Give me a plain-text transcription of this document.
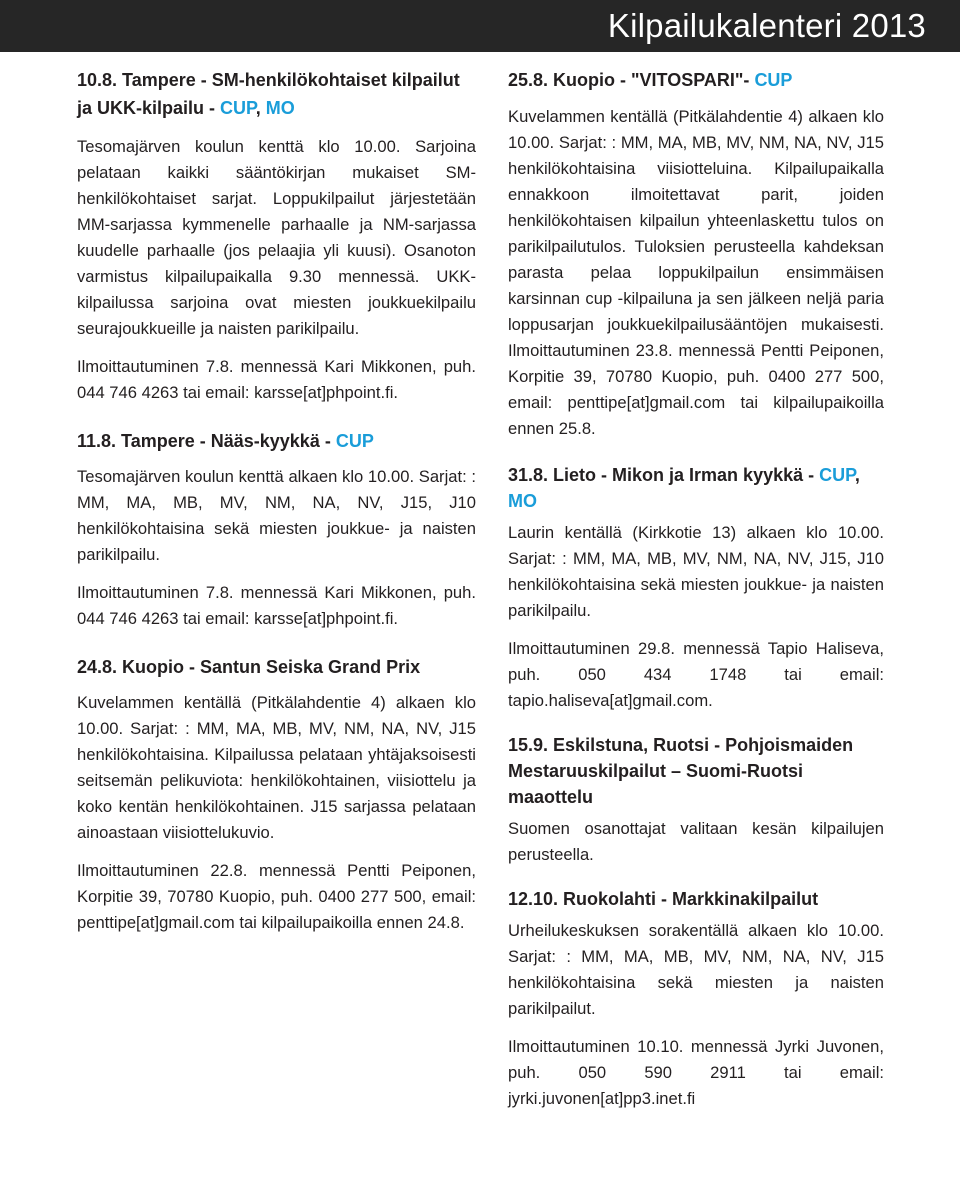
Kilpailukalenteri 2013
10.8. Tampere - SM-henkilökohtaiset kilpailut ja UKK-kilpailu - CUP, MO

Tesomajärven koulun kenttä klo 10.00. Sarjoina pelataan kaikki sääntökirjan mukaiset SM-henkilökohtaiset sarjat. Loppukilpailut järjestetään MM-sarjassa kymmenelle parhaalle ja NM-sarjassa kuudelle parhaalle (jos pelaajia yli kuusi). Osanoton varmistus kilpailupaikalla 9.30 mennessä. UKK-kilpailussa sarjoina ovat miesten joukkuekilpailu seurajoukkueille ja naisten parikilpailu.

Ilmoittautuminen 7.8. mennessä Kari Mikkonen, puh. 044 746 4263 tai email: karsse[at]phpoint.fi.

11.8. Tampere - Nääs-kyykkä - CUP

Tesomajärven koulun kenttä alkaen klo 10.00. Sarjat: : MM, MA, MB, MV, NM, NA, NV, J15, J10 henkilökohtaisina sekä miesten joukkue- ja naisten parikilpailu.

Ilmoittautuminen 7.8. mennessä Kari Mikkonen, puh. 044 746 4263 tai email: karsse[at]phpoint.fi.

24.8. Kuopio - Santun Seiska Grand Prix

Kuvelammen kentällä (Pitkälahdentie 4) alkaen klo 10.00. Sarjat: : MM, MA, MB, MV, NM, NA, NV, J15 henkilökohtaisina. Kilpailussa pelataan yhtäjaksoisesti seitsemän pelikuviota: henkilökohtainen, viisiottelu ja koko kentän henkilökohtainen. J15 sarjassa pelataan ainoastaan viisiottelukuvio.

Ilmoittautuminen 22.8. mennessä Pentti Peiponen, Korpitie 39, 70780 Kuopio, puh. 0400 277 500, email: penttipe[at]gmail.com tai kilpailupaikoilla ennen 24.8.

25.8. Kuopio - "VITOSPARI"- CUP

Kuvelammen kentällä (Pitkälahdentie 4) alkaen klo 10.00. Sarjat: : MM, MA, MB, MV, NM, NA, NV, J15 henkilökohtaisina viisiotteluina. Kilpailupaikalla ennakkoon ilmoitettavat parit, joiden henkilökohtaisen kilpailun yhteenlaskettu tulos on parikilpailutulos. Tuloksien perusteella kahdeksan parasta pelaa loppukilpailun ensimmäisen karsinnan cup -kilpailuna ja sen jälkeen neljä paria loppusarjan joukkuekilpailusääntöjen mukaisesti. Ilmoittautuminen 23.8. mennessä Pentti Peiponen, Korpitie 39, 70780 Kuopio, puh. 0400 277 500, email: penttipe[at]gmail.com tai kilpailupaikoilla ennen 25.8.

31.8. Lieto - Mikon ja Irman kyykkä - CUP, MO

Laurin kentällä (Kirkkotie 13) alkaen klo 10.00. Sarjat: : MM, MA, MB, MV, NM, NA, NV, J15, J10 henkilökohtaisina sekä miesten joukkue- ja naisten parikilpailu.

Ilmoittautuminen 29.8. mennessä Tapio Haliseva, puh. 050 434 1748 tai email: tapio.haliseva[at]gmail.com.

15.9. Eskilstuna, Ruotsi - Pohjoismaiden Mestaruuskilpailut – Suomi-Ruotsi maaottelu

Suomen osanottajat valitaan kesän kilpailujen perusteella.

12.10. Ruokolahti - Markkinakilpailut

Urheilukeskuksen sorakentällä alkaen klo 10.00. Sarjat: : MM, MA, MB, MV, NM, NA, NV, J15 henkilökohtaisina sekä miesten ja naisten parikilpailut.

Ilmoittautuminen 10.10. mennessä Jyrki Juvonen, puh. 050 590 2911 tai email: jyrki.juvonen[at]pp3.inet.fi
